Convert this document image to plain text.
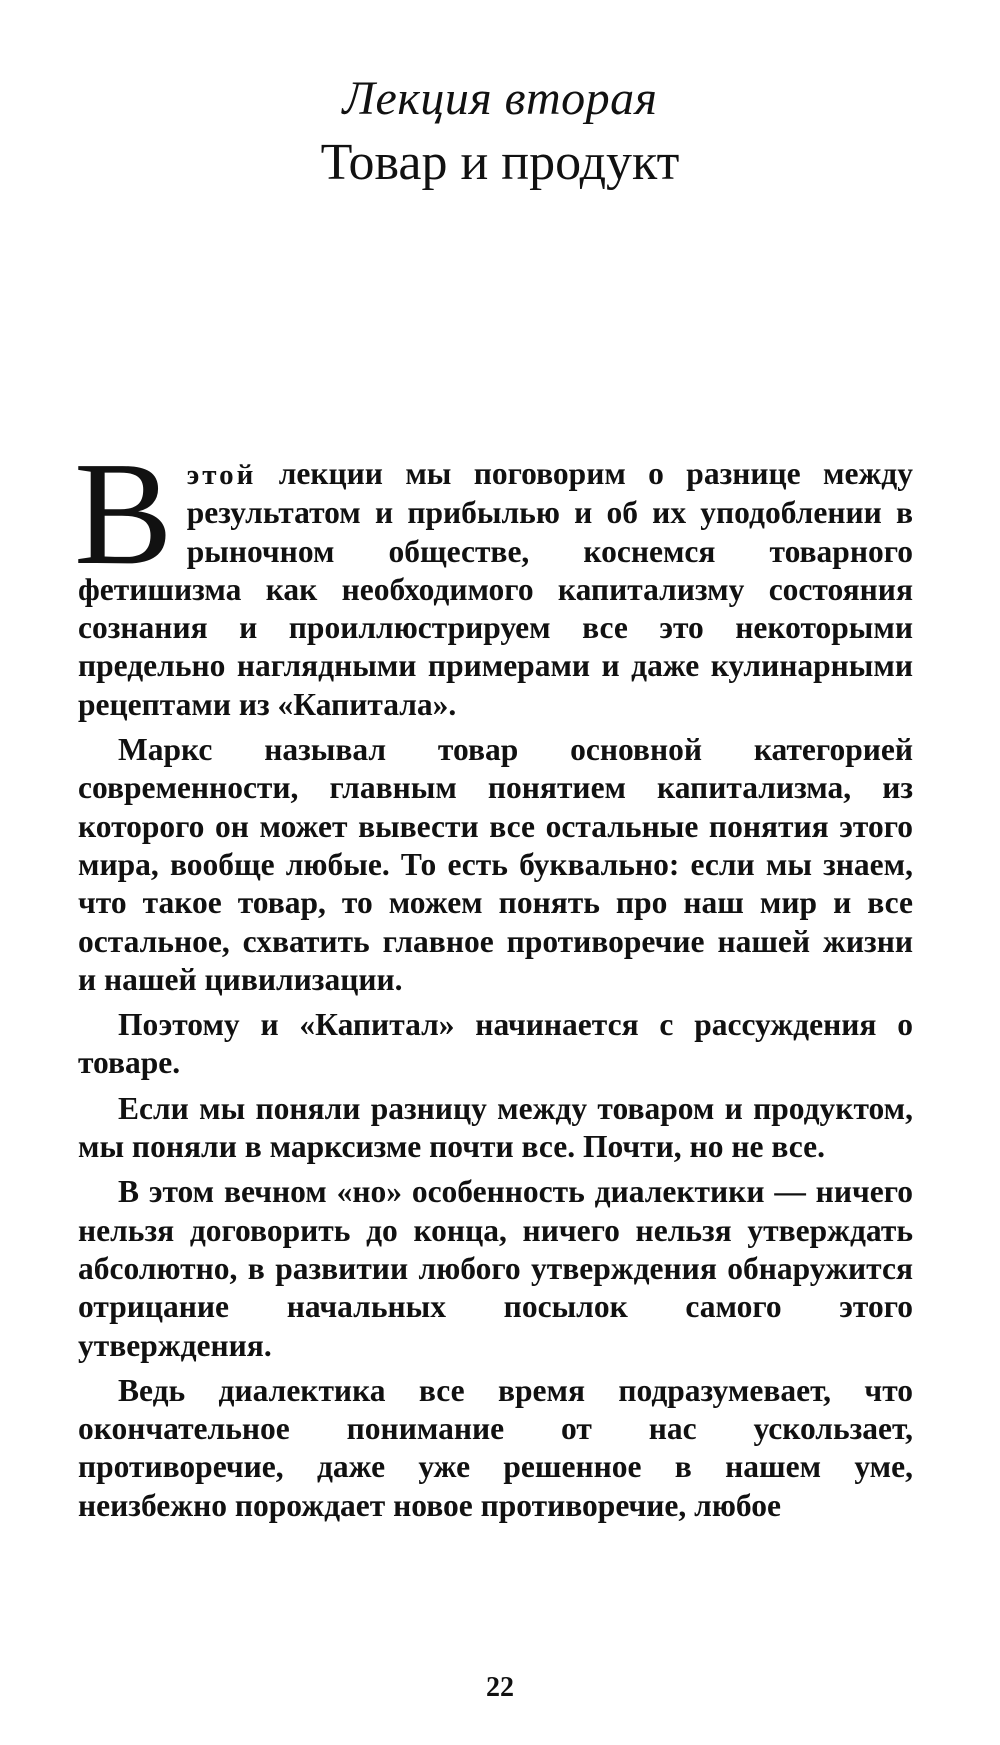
Лекция вторая
Товар и продукт

Вэтой лекции мы поговорим о разнице между результатом и прибылью и об их уподоблении в рыночном обществе, коснемся товарного фетишизма как необходимого капитализму состояния сознания и проиллюстрируем все это некоторыми предельно наглядными примерами и даже кулинарными рецептами из «Капитала».

Маркс называл товар основной категорией современности, главным понятием капитализма, из которого он может вывести все остальные понятия этого мира, вообще любые. То есть буквально: если мы знаем, что такое товар, то можем понять про наш мир и все остальное, схватить главное противоречие нашей жизни и нашей цивилизации.

Поэтому и «Капитал» начинается с рассуждения о товаре.

Если мы поняли разницу между товаром и продуктом, мы поняли в марксизме почти все. Почти, но не все.

В этом вечном «но» особенность диалектики — ничего нельзя договорить до конца, ничего нельзя утверждать абсолютно, в развитии любого утверждения обнаружится отрицание начальных посылок самого этого утверждения.

Ведь диалектика все время подразумевает, что окончательное понимание от нас ускользает, противоречие, даже уже решенное в нашем уме, неизбежно порождает новое противоречие, любое

22
